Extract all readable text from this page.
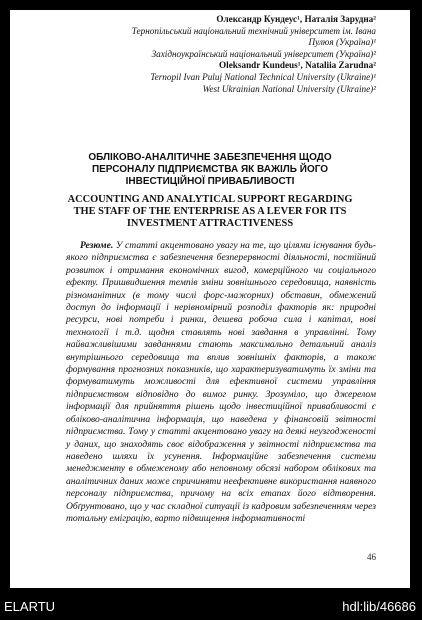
Олександр Кундеус¹, Наталія Зарудна²
Тернопільський національний технічний університет ім. Івана
Пулюя (Україна)¹
Західноукраїнський національний університет (Україна)²
Oleksandr Kundeus¹, Nataliia Zarudna²
Ternopil Ivan Puluj National Technical University (Ukraine)¹
West Ukrainian National University (Ukraine)²
ОБЛІКОВО-АНАЛІТИЧНЕ ЗАБЕЗПЕЧЕННЯ ЩОДО ПЕРСОНАЛУ ПІДПРИЄМСТВА ЯК ВАЖІЛЬ ЙОГО ІНВЕСТИЦІЙНОЇ ПРИВАБЛИВОСТІ
ACCOUNTING AND ANALYTICAL SUPPORT REGARDING THE STAFF OF THE ENTERPRISE AS A LEVER FOR ITS INVESTMENT ATTRACTIVENESS
Резюме. У статті акцентовано увагу на те, що цілями існування будь-якого підприємства є забезпечення безперервності діяльності, постійний розвиток і отримання економічних вигод, комерційного чи соціального ефекту. Пришвидшення темпів зміни зовнішнього середовища, наявність різноманітних (в тому числі форс-мажорних) обставин, обмежений доступ до інформації і нерівномірний розподіл факторів як: природні ресурси, нові потреби і ринки, дешева робоча сила і капітал, нові технології і т.д. щодня ставлять нові завдання в управлінні. Тому найважливішими завданнями стають максимально детальний аналіз внутрішнього середовища та вплив зовнішніх факторів, а також формування прогнозних показників, що характеризуватимуть їх зміни та формуватимуть можливості для ефективної системи управління підприємством відповідно до вимог ринку. Зрозуміло, що джерелом інформації для прийняття рішень щодо інвестиційної привабливості є обліково-аналітична інформація, що наведена у фінансовій звітності підприємства. Тому у статті акцентовано увагу на деякі неузгодженості у даних, що знаходять своє відображення у звітності підприємства та наведено шляхи їх усунення. Інформаційне забезпечення системи менеджменту в обмеженому або неповному обсязі набором облікових та аналітичних даних може спричиняти неефективне використання наявного персоналу підприємства, причому на всіх етапах його відтворення. Обґрунтовано, що у час складної ситуації із кадровим забезпеченням через тотальну еміграцію, варто підвищення інформативності
46
ELARTU	hdl:lib/46686
